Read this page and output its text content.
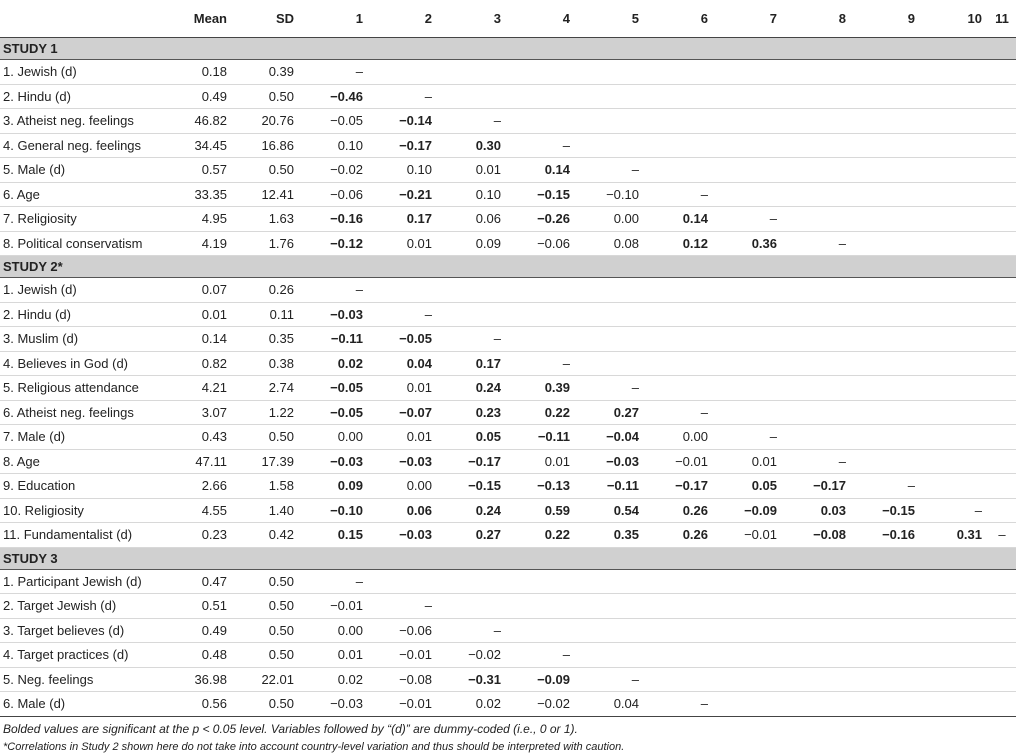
	Mean	SD	1	2	3	4	5	6	7	8	9	10	11
STUDY 1													
1. Jewish (d)	0.18	0.39	–										
2. Hindu (d)	0.49	0.50	−0.46	–									
3. Atheist neg. feelings	46.82	20.76	−0.05	−0.14	–								
4. General neg. feelings	34.45	16.86	0.10	−0.17	0.30	–							
5. Male (d)	0.57	0.50	−0.02	0.10	0.01	0.14	–						
6. Age	33.35	12.41	−0.06	−0.21	0.10	−0.15	−0.10	–					
7. Religiosity	4.95	1.63	−0.16	0.17	0.06	−0.26	0.00	0.14	–				
8. Political conservatism	4.19	1.76	−0.12	0.01	0.09	−0.06	0.08	0.12	0.36	–			
STUDY 2*													
1. Jewish (d)	0.07	0.26	–										
2. Hindu (d)	0.01	0.11	−0.03	–									
3. Muslim (d)	0.14	0.35	−0.11	−0.05	–								
4. Believes in God (d)	0.82	0.38	0.02	0.04	0.17	–							
5. Religious attendance	4.21	2.74	−0.05	0.01	0.24	0.39	–						
6. Atheist neg. feelings	3.07	1.22	−0.05	−0.07	0.23	0.22	0.27	–					
7. Male (d)	0.43	0.50	0.00	0.01	0.05	−0.11	−0.04	0.00	–				
8. Age	47.11	17.39	−0.03	−0.03	−0.17	0.01	−0.03	−0.01	0.01	–			
9. Education	2.66	1.58	0.09	0.00	−0.15	−0.13	−0.11	−0.17	0.05	−0.17	–		
10. Religiosity	4.55	1.40	−0.10	0.06	0.24	0.59	0.54	0.26	−0.09	0.03	−0.15	–	
11. Fundamentalist (d)	0.23	0.42	0.15	−0.03	0.27	0.22	0.35	0.26	−0.01	−0.08	−0.16	0.31	–
STUDY 3													
1. Participant Jewish (d)	0.47	0.50	–										
2. Target Jewish (d)	0.51	0.50	−0.01	–									
3. Target believes (d)	0.49	0.50	0.00	−0.06	–								
4. Target practices (d)	0.48	0.50	0.01	−0.01	−0.02	–							
5. Neg. feelings	36.98	22.01	0.02	−0.08	−0.31	−0.09	–						
6. Male (d)	0.56	0.50	−0.03	−0.01	0.02	−0.02	0.04	–					
Bolded values are significant at the p < 0.05 level. Variables followed by “(d)” are dummy-coded (i.e., 0 or 1).
*Correlations in Study 2 shown here do not take into account country-level variation and thus should be interpreted with caution.
